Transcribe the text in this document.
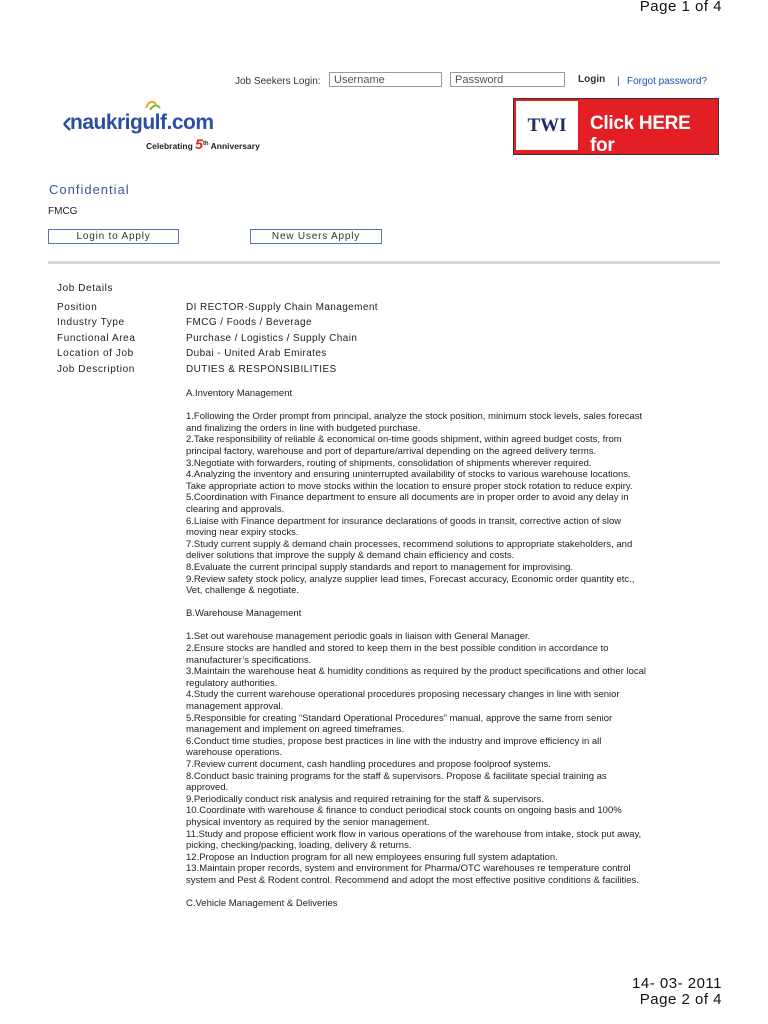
Page 1 of 4
Job Seekers Login:	Username	Password	Login | Forgot password?
naukrigulf.com
Celebrating 5th Anniversary
TWI	Click HERE for
Confidential
FMCG
Login to Apply	New Users Apply
Job Details
Position	DI RECTOR-Supply Chain Management
Industry Type	FMCG / Foods / Beverage
Functional Area	Purchase / Logistics / Supply Chain
Location of Job	Dubai - United Arab Emirates
Job Description	DUTIES & RESPONSIBILITIES

A.Inventory Management

1.Following the Order prompt from principal, analyze the stock position, minimum stock levels, sales forecast

and finalizing the orders in line with budgeted purchase.

2.Take responsibility of reliable & economical on-time goods shipment, within agreed budget costs, from

principal factory, warehouse and port of departure/arrival depending on the agreed delivery terms.

3.Negotiate with forwarders, routing of shipments, consolidation of shipments wherever required.

4.Analyzing the inventory and ensuring uninterrupted availability of stocks to various warehouse locations.

Take appropriate action to move stocks within the location to ensure proper stock rotation to reduce expiry.

5.Coordination with Finance department to ensure all documents are in proper order to avoid any delay in

clearing and approvals.

6.Liaise with Finance department for insurance declarations of goods in transit, corrective action of slow

moving near expiry stocks.

7.Study current supply & demand chain processes, recommend solutions to appropriate stakeholders, and

deliver solutions that improve the supply & demand chain efficiency and costs.

8.Evaluate the current principal supply standards and report to management for improvising.

9.Review safety stock policy, analyze supplier lead times, Forecast accuracy, Economic order quantity etc.,

Vet, challenge & negotiate.

B.Warehouse Management

1.Set out warehouse management periodic goals in liaison with General Manager.

2.Ensure stocks are handled and stored to keep them in the best possible condition in accordance to

manufacturer’s specifications.

3.Maintain the warehouse heat & humidity conditions as required by the product specifications and other local

regulatory authorities.

4.Study the current warehouse operational procedures proposing necessary changes in line with senior

management approval.

5.Responsible for creating “Standard Operational Procedures” manual, approve the same from senior

management and implement on agreed timeframes.

6.Conduct time studies, propose best practices in line with the industry and improve efficiency in all

warehouse operations.

7.Review current document, cash handling procedures and propose foolproof systems.

8.Conduct basic training programs for the staff & supervisors. Propose & facilitate special training as

approved.

9.Periodically conduct risk analysis and required retraining for the staff & supervisors.

10.Coordinate with warehouse & finance to conduct periodical stock counts on ongoing basis and 100%

physical inventory as required by the senior management.

11.Study and propose efficient work flow in various operations of the warehouse from intake, stock put away,

picking, checking/packing, loading, delivery & returns.

12.Propose an Induction program for all new employees ensuring full system adaptation.

13.Maintain proper records, system and environment for Pharma/OTC warehouses re temperature control

system and Pest & Rodent control. Recommend and adopt the most effective positive conditions & facilities.

C.Vehicle Management & Deliveries

14- 03- 2011
Page 2 of 4
